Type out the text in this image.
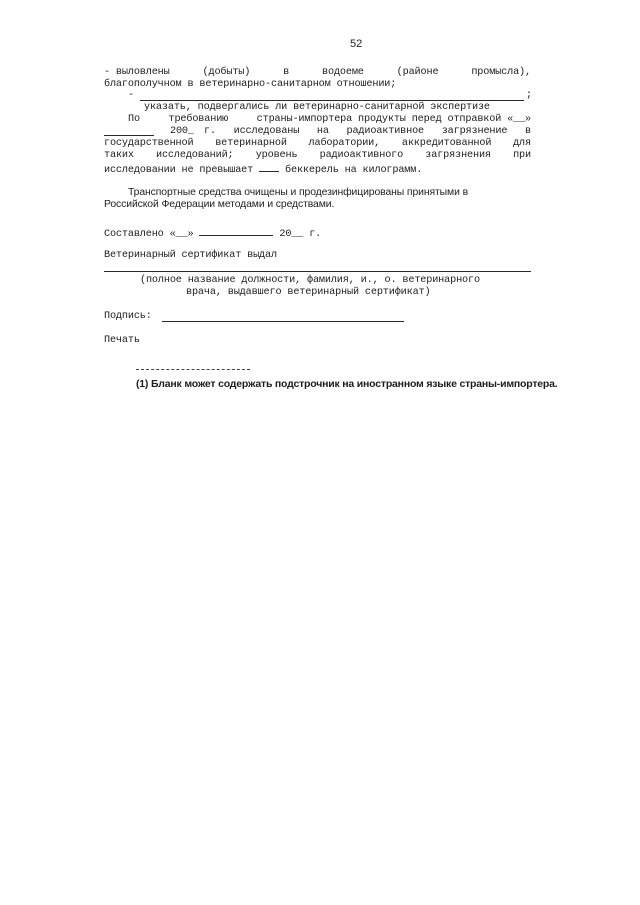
52
- выловлены	(добыты)	в	водоеме	(районе	промысла),
благополучном в ветеринарно-санитарном отношении;
-	;
указать, подвергались ли ветеринарно-санитарной экспертизе
По	требованию	страны-импортера продукты перед отправкой «__»
200_ г. исследованы на радиоактивное загрязнение в
государственной ветеринарной лаборатории, аккредитованной для
таких исследований; уровень радиоактивного загрязнения при
исследовании не превышает	беккерель на килограмм.
Транспортные средства очищены и продезинфицированы принятыми в
Российской Федерации методами и средствами.
Составлено «__»	20__ г.
Ветеринарный сертификат выдал
(полное название должности, фамилия, и., о. ветеринарного
врача, выдавшего ветеринарный сертификат)
Подпись:
Печать
(1) Бланк может содержать подстрочник на иностранном языке страны-импортера.
